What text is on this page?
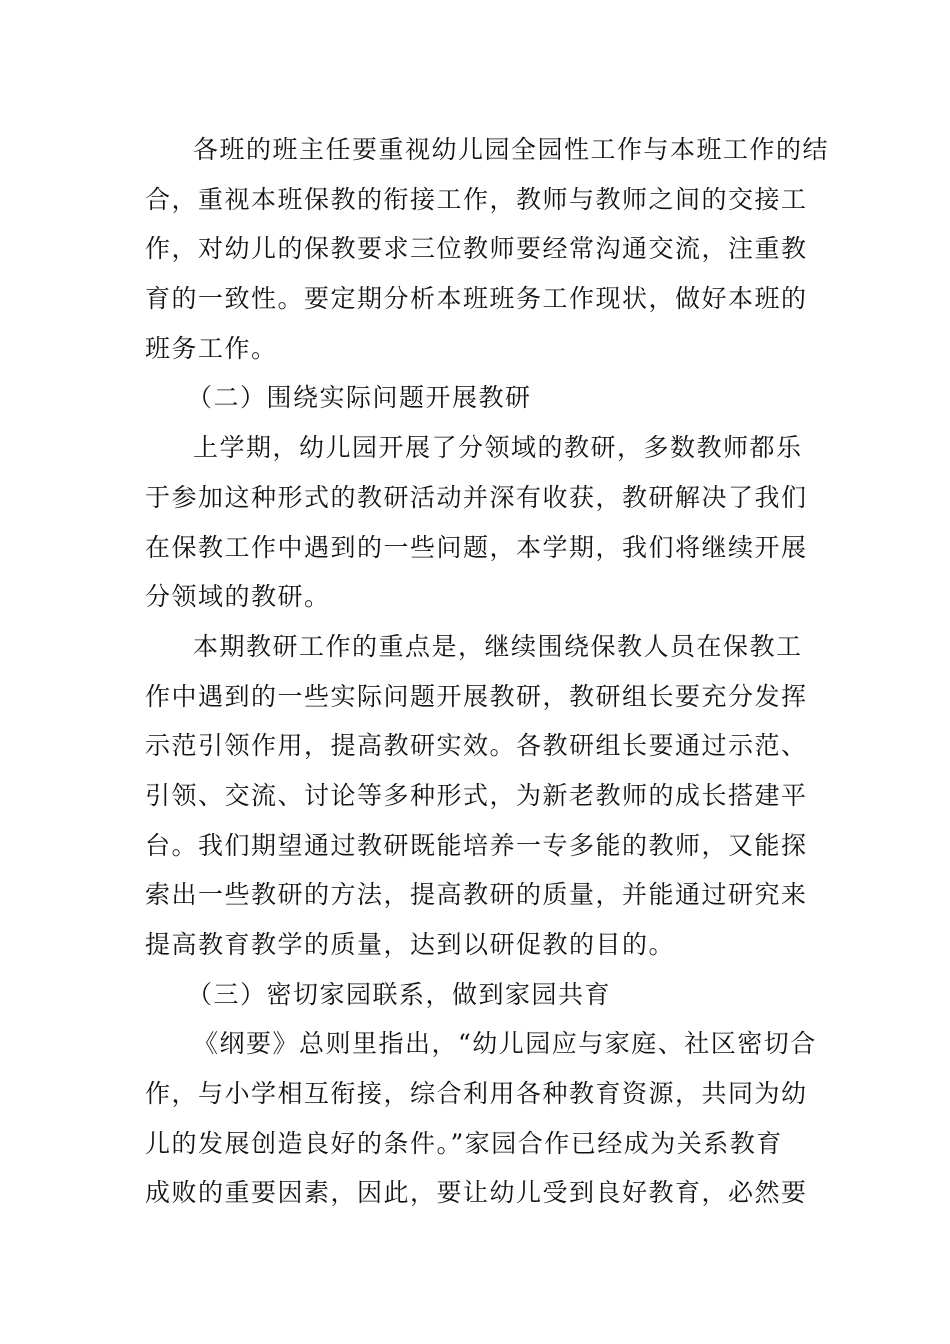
各班的班主任要重视幼儿园全园性工作与本班工作的结
合，重视本班保教的衔接工作，教师与教师之间的交接工
作，对幼儿的保教要求三位教师要经常沟通交流，注重教
育的一致性。要定期分析本班班务工作现状，做好本班的
班务工作。
（二）围绕实际问题开展教研
上学期，幼儿园开展了分领域的教研，多数教师都乐
于参加这种形式的教研活动并深有收获，教研解决了我们
在保教工作中遇到的一些问题，本学期，我们将继续开展
分领域的教研。
本期教研工作的重点是，继续围绕保教人员在保教工
作中遇到的一些实际问题开展教研，教研组长要充分发挥
示范引领作用，提高教研实效。各教研组长要通过示范、
引领、交流、讨论等多种形式，为新老教师的成长搭建平
台。我们期望通过教研既能培养一专多能的教师，又能探
索出一些教研的方法，提高教研的质量，并能通过研究来
提高教育教学的质量，达到以研促教的目的。
（三）密切家园联系，做到家园共育
《纲要》总则里指出，“幼儿园应与家庭、社区密切合
作，与小学相互衔接，综合利用各种教育资源，共同为幼
儿的发展创造良好的条件。”家园合作已经成为关系教育
成败的重要因素，因此，要让幼儿受到良好教育，必然要
